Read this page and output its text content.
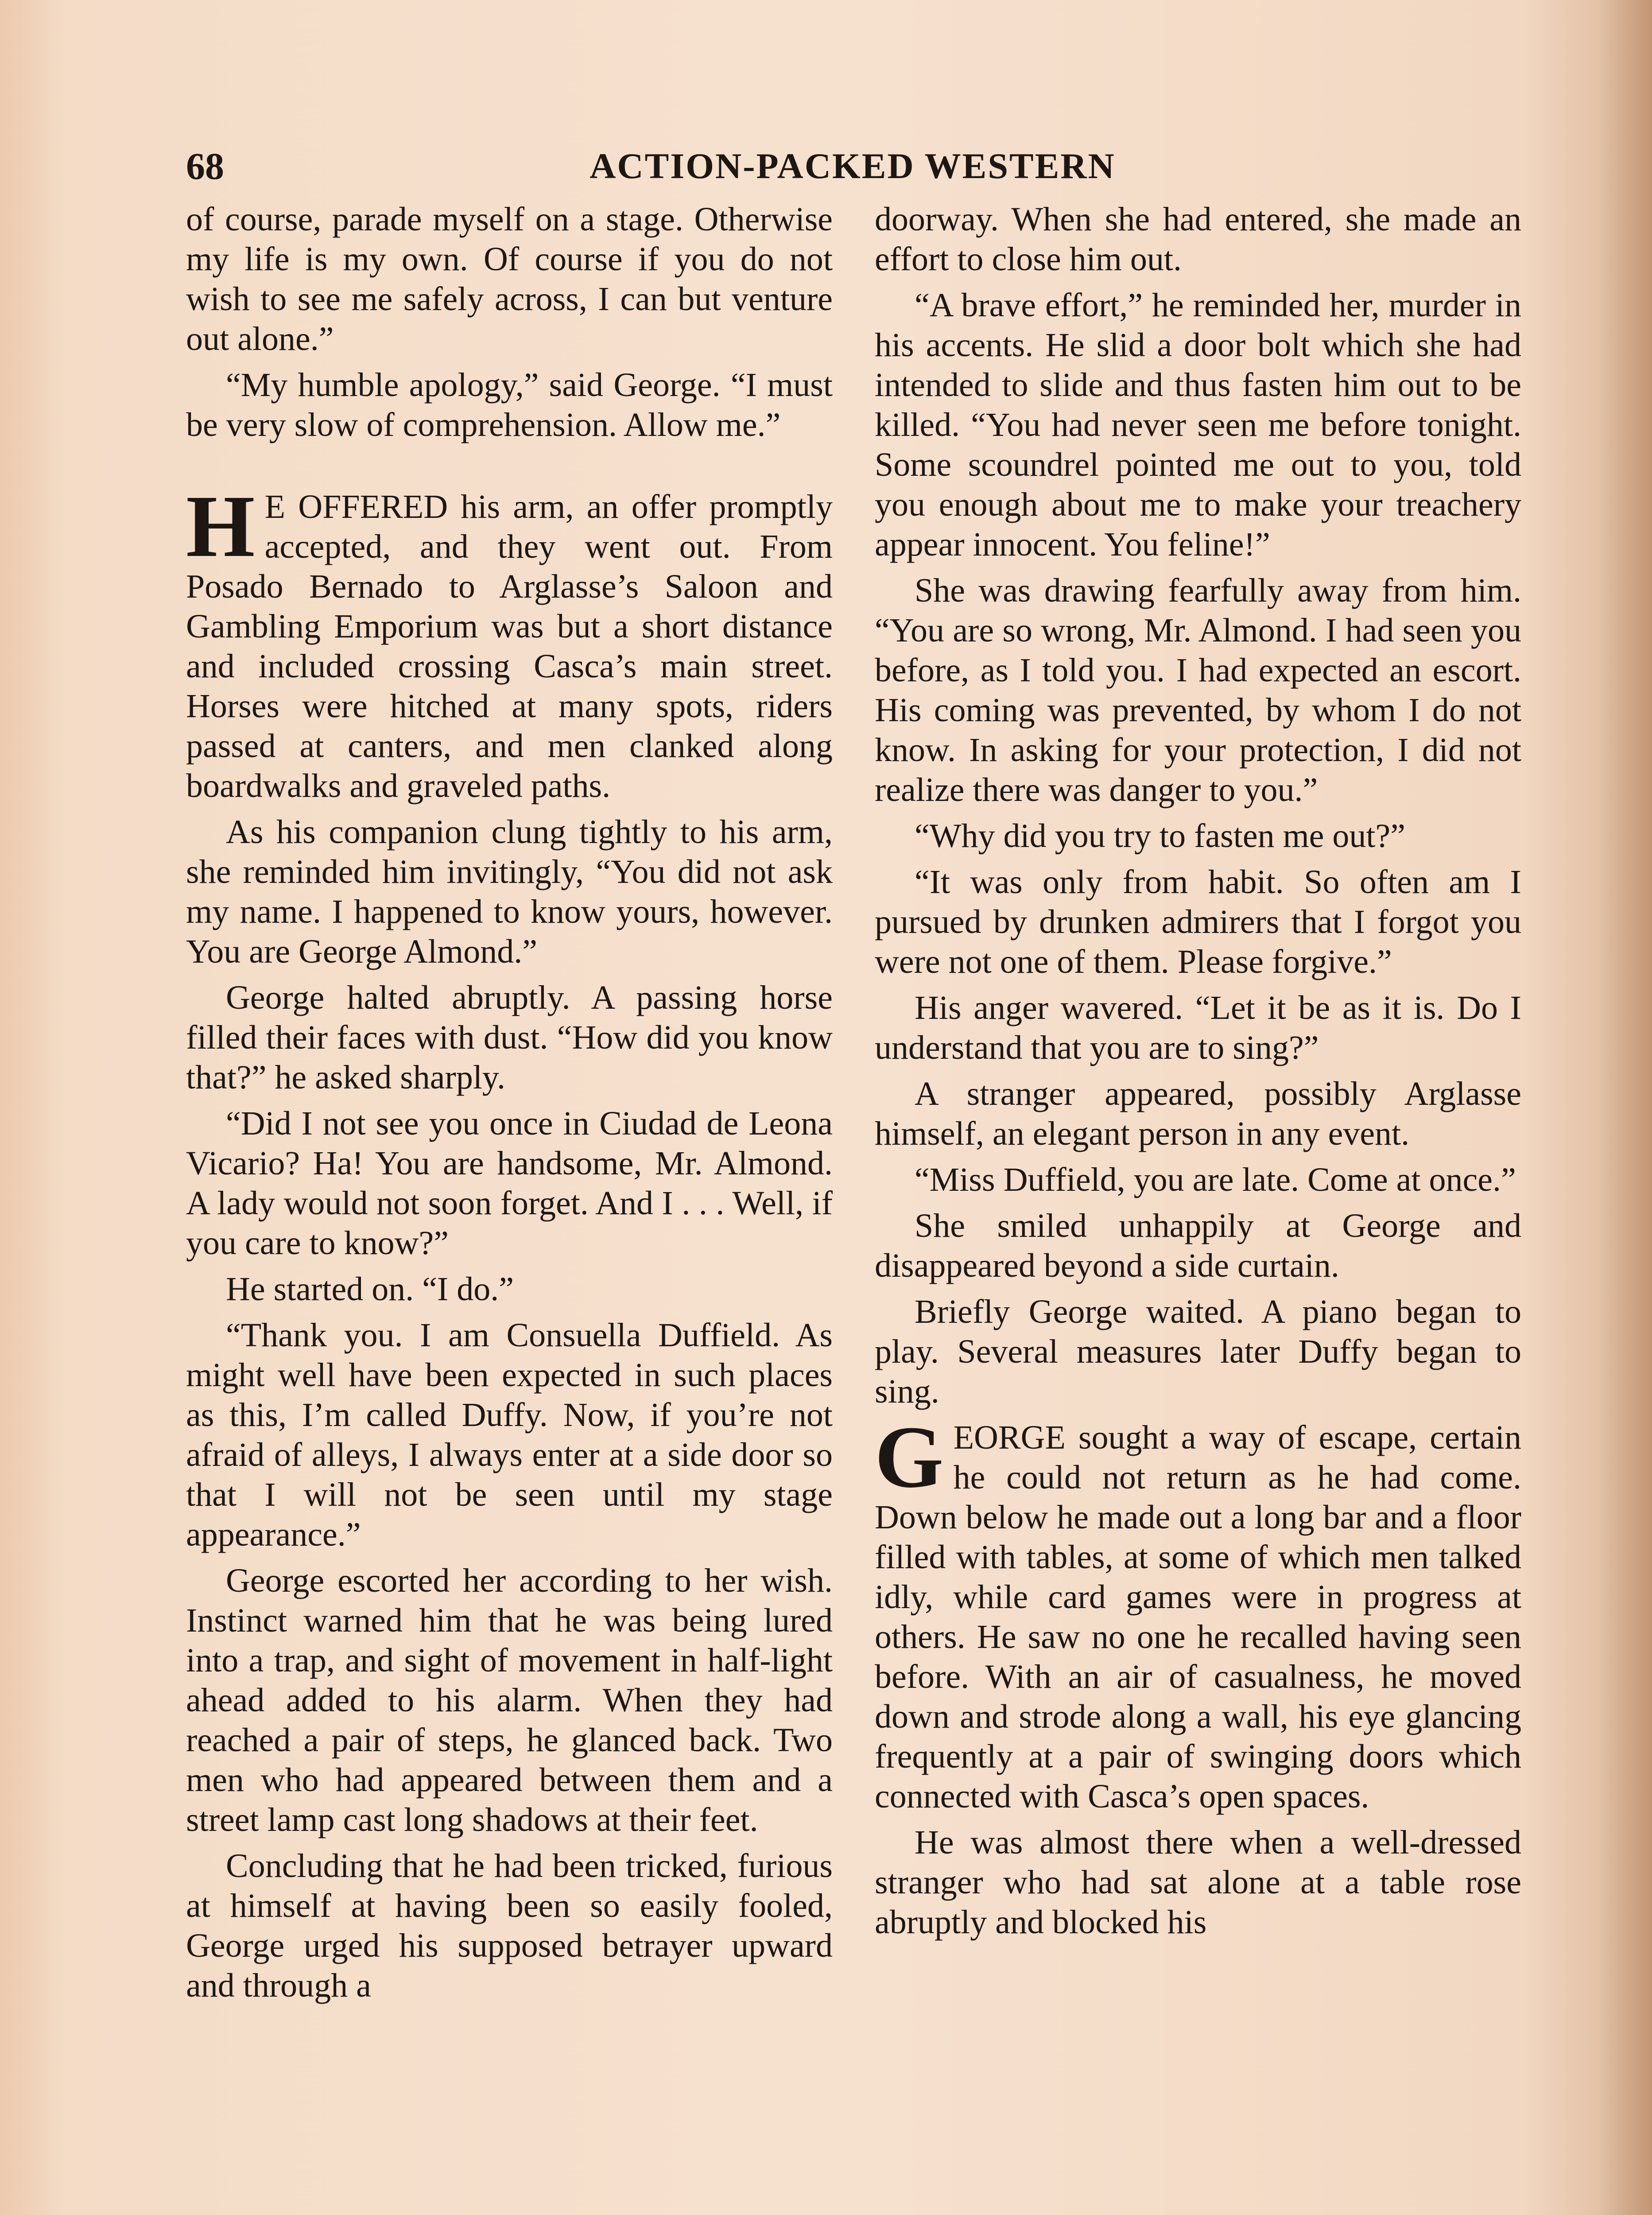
68	ACTION-PACKED WESTERN

of course, parade myself on a stage. Otherwise my life is my own. Of course if you do not wish to see me safely across, I can but venture out alone.”

“My humble apology,” said George. “I must be very slow of comprehension. Allow me.”

H E OFFERED his arm, an offer promptly accepted, and they went out. From Posado Bernado to Arglasse’s Saloon and Gambling Emporium was but a short distance and included crossing Casca’s main street. Horses were hitched at many spots, riders passed at canters, and men clanked along boardwalks and graveled paths.

As his companion clung tightly to his arm, she reminded him invitingly, “You did not ask my name. I happened to know yours, however. You are George Almond.”

George halted abruptly. A passing horse filled their faces with dust. “How did you know that?” he asked sharply.

“Did I not see you once in Ciudad de Leona Vicario? Ha! You are handsome, Mr. Almond. A lady would not soon forget. And I . . . Well, if you care to know?”

He started on. “I do.”

“Thank you. I am Consuella Duffield. As might well have been expected in such places as this, I’m called Duffy. Now, if you’re not afraid of alleys, I always enter at a side door so that I will not be seen until my stage appearance.”

George escorted her according to her wish. Instinct warned him that he was being lured into a trap, and sight of movement in half-light ahead added to his alarm. When they had reached a pair of steps, he glanced back. Two men who had appeared between them and a street lamp cast long shadows at their feet.

Concluding that he had been tricked, furious at himself at having been so easily fooled, George urged his supposed betrayer upward and through a

doorway. When she had entered, she made an effort to close him out.

“A brave effort,” he reminded her, murder in his accents. He slid a door bolt which she had intended to slide and thus fasten him out to be killed. “You had never seen me before tonight. Some scoundrel pointed me out to you, told you enough about me to make your treachery appear innocent. You feline!”

She was drawing fearfully away from him. “You are so wrong, Mr. Almond. I had seen you before, as I told you. I had expected an escort. His coming was prevented, by whom I do not know. In asking for your protection, I did not realize there was danger to you.”

“Why did you try to fasten me out?”

“It was only from habit. So often am I pursued by drunken admirers that I forgot you were not one of them. Please forgive.”

His anger wavered. “Let it be as it is. Do I understand that you are to sing?”

A stranger appeared, possibly Arglasse himself, an elegant person in any event.

“Miss Duffield, you are late. Come at once.”

She smiled unhappily at George and disappeared beyond a side curtain.

Briefly George waited. A piano began to play. Several measures later Duffy began to sing.

GEORGE sought a way of escape, certain he could not return as he had come. Down below he made out a long bar and a floor filled with tables, at some of which men talked idly, while card games were in progress at others. He saw no one he recalled having seen before. With an air of casualness, he moved down and strode along a wall, his eye glancing frequently at a pair of swinging doors which connected with Casca’s open spaces.

He was almost there when a well-dressed stranger who had sat alone at a table rose abruptly and blocked his
